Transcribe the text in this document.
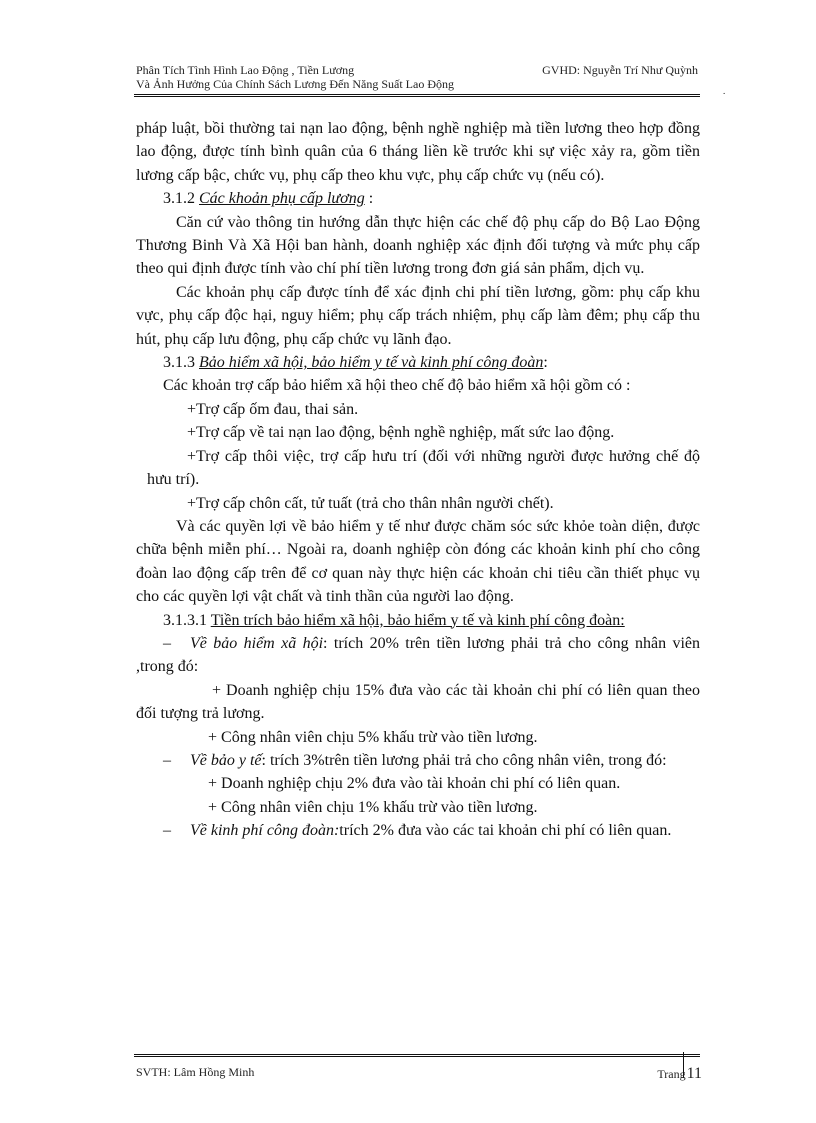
Phân Tích Tình Hình Lao Động , Tiền Lương	GVHD: Nguyễn Trí Như Quỳnh
Và Ảnh Hưởng Của Chính Sách Lương Đến Năng Suất Lao Động	.

pháp luật, bồi thường tai nạn lao động, bệnh nghề nghiệp mà tiền lương theo hợp đồng lao động, được tính bình quân của 6 tháng liền kề trước khi sự việc xảy ra, gồm tiền lương cấp bậc, chức vụ, phụ cấp theo khu vực, phụ cấp chức vụ (nếu có).

3.1.2 Các khoản phụ cấp lương :

Căn cứ vào thông tin hướng dẫn thực hiện các chế độ phụ cấp do Bộ Lao Động Thương Binh Và Xã Hội ban hành, doanh nghiệp xác định đối tượng và mức phụ cấp theo qui định được tính vào chí phí tiền lương trong đơn giá sản phẩm, dịch vụ.

Các khoản phụ cấp được tính để xác định chi phí tiền lương, gồm: phụ cấp khu vực, phụ cấp độc hại, nguy hiểm; phụ cấp trách nhiệm, phụ cấp làm đêm; phụ cấp thu hút, phụ cấp lưu động, phụ cấp chức vụ lãnh đạo.

3.1.3 Bảo hiểm xã hội, bảo hiểm y tế và kinh phí công đoàn:

Các khoản trợ cấp bảo hiểm xã hội theo chế độ bảo hiểm xã hội gồm có :

+Trợ cấp ốm đau, thai sản.

+Trợ cấp về tai nạn lao động, bệnh nghề nghiệp, mất sức lao động.

+Trợ cấp thôi việc, trợ cấp hưu trí (đối với những người được hưởng chế độ hưu trí).

+Trợ cấp chôn cất, tử tuất (trả cho thân nhân người chết).

Và các quyền lợi về bảo hiểm y tế như được chăm sóc sức khỏe toàn diện, được chữa bệnh miễn phí… Ngoài ra, doanh nghiệp còn đóng các khoản kinh phí cho công đoàn lao động cấp trên để cơ quan này thực hiện các khoản chi tiêu cần thiết phục vụ cho các quyền lợi vật chất và tinh thần của người lao động.

3.1.3.1 Tiền trích bảo hiểm xã hội, bảo hiểm y tế và kinh phí công đoàn:

– Về bảo hiểm xã hội: trích 20% trên tiền lương phải trả cho công nhân viên ,trong đó:

+ Doanh nghiệp chịu 15% đưa vào các tài khoản chi phí có liên quan theo đối tượng trả lương.

+ Công nhân viên chịu 5% khấu trừ vào tiền lương.

– Về bảo y tế: trích 3%trên tiền lương phải trả cho công nhân viên, trong đó:

+ Doanh nghiệp chịu 2% đưa vào tài khoản chi phí có liên quan.

+ Công nhân viên chịu 1% khấu trừ vào tiền lương.

– Về kinh phí công đoàn:trích 2% đưa vào các tai khoản chi phí có liên quan.

SVTH: Lâm Hồng Minh	Trang11
